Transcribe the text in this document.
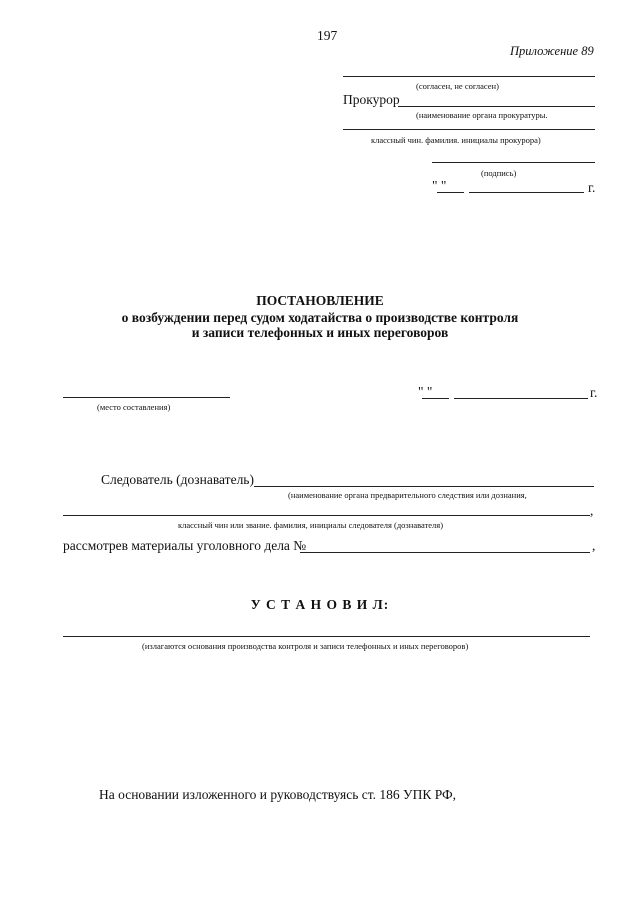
197
Приложение 89
(согласен, не согласен)
Прокурор
(наименование органа прокуратуры.
классный чин. фамилия. инициалы прокурора)
(подпись)
" "	г.
ПОСТАНОВЛЕНИЕ
о возбуждении перед судом ходатайства о производстве контроля
и записи телефонных и иных переговоров
(место составления)
" "	г.
Следователь (дознаватель)
(наименование органа предварительного следствия или дознания,
,
классный чин или звание. фамилия, инициалы следователя (дознавателя)
рассмотрев материалы уголовного дела №	,
У С Т А Н О В И Л:
(излагаются основания производства контроля и записи телефонных и иных переговоров)
На основании изложенного и руководствуясь ст. 186 УПК РФ,
